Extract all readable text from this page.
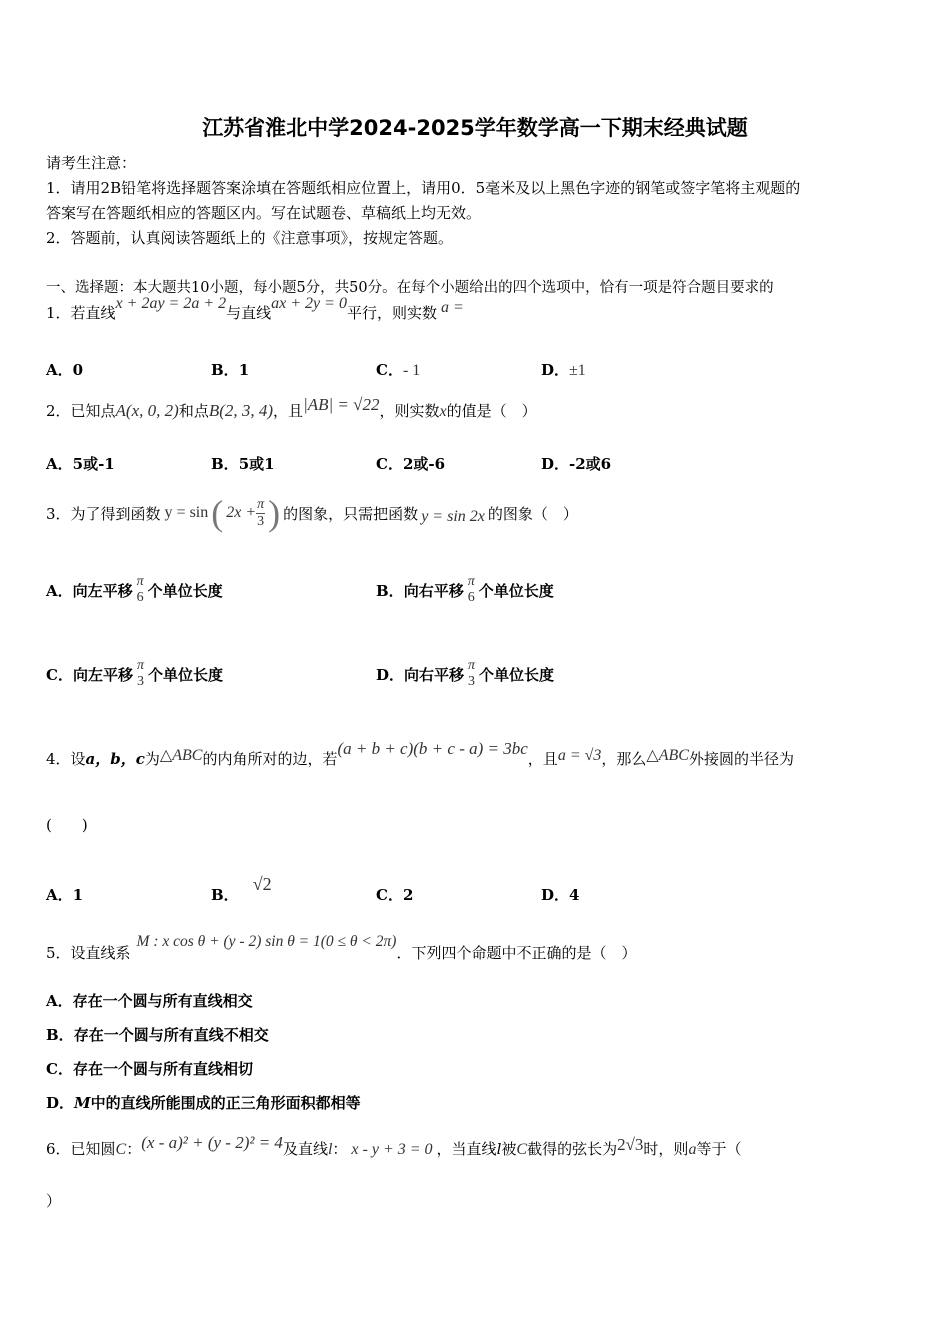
江苏省淮北中学2024-2025学年数学高一下期末经典试题
请考生注意：
1．请用2B铅笔将选择题答案涂填在答题纸相应位置上，请用0．5毫米及以上黑色字迹的钢笔或签字笔将主观题的
答案写在答题纸相应的答题区内。写在试题卷、草稿纸上均无效。
2．答题前，认真阅读答题纸上的《注意事项》，按规定答题。
一、选择题：本大题共10小题，每小题5分，共50分。在每个小题给出的四个选项中，恰有一项是符合题目要求的
1．若直线x + 2ay = 2a + 2与直线ax + 2y = 0平行，则实数 a =
A．0	B．1	C．- 1	D．±1
2．已知点A(x, 0, 2)和点B(2, 3, 4)，且|AB| = √22，则实数x的值是（　）
A．5或-1	B．5或1	C．2或-6	D．-2或6
3．为了得到函数 y = sin ( $2x + \frac{\pi}{3}$ ) 的图象，只需把函数 y = sin 2x 的图象（　）
A． 向左平移 π
6 个单位长度	B． 向右平移 π
6 个单位长度
C． 向左平移 π
3 个单位长度	D． 向右平移 π
3 个单位长度
4．设a，b，c为△ABC的内角所对的边，若(a + b + c)(b + c - a) = 3bc，且a = √3，那么△ABC外接圆的半径为
(　　)
A．1	B．√2
C．2	D．4
5．设直线系M : x cos θ + (y - 2) sin θ = 1(0 ≤ θ < 2π)．下列四个命题中不正确的是（　）
A．存在一个圆与所有直线相交
B．存在一个圆与所有直线不相交
C．存在一个圆与所有直线相切
D．M中的直线所能围成的正三角形面积都相等
6．已知圆C：(x - a)² + (y - 2)² = 4及直线l： x - y + 3 = 0 ，当直线l被C截得的弦长为2√3时，则a等于（
）
